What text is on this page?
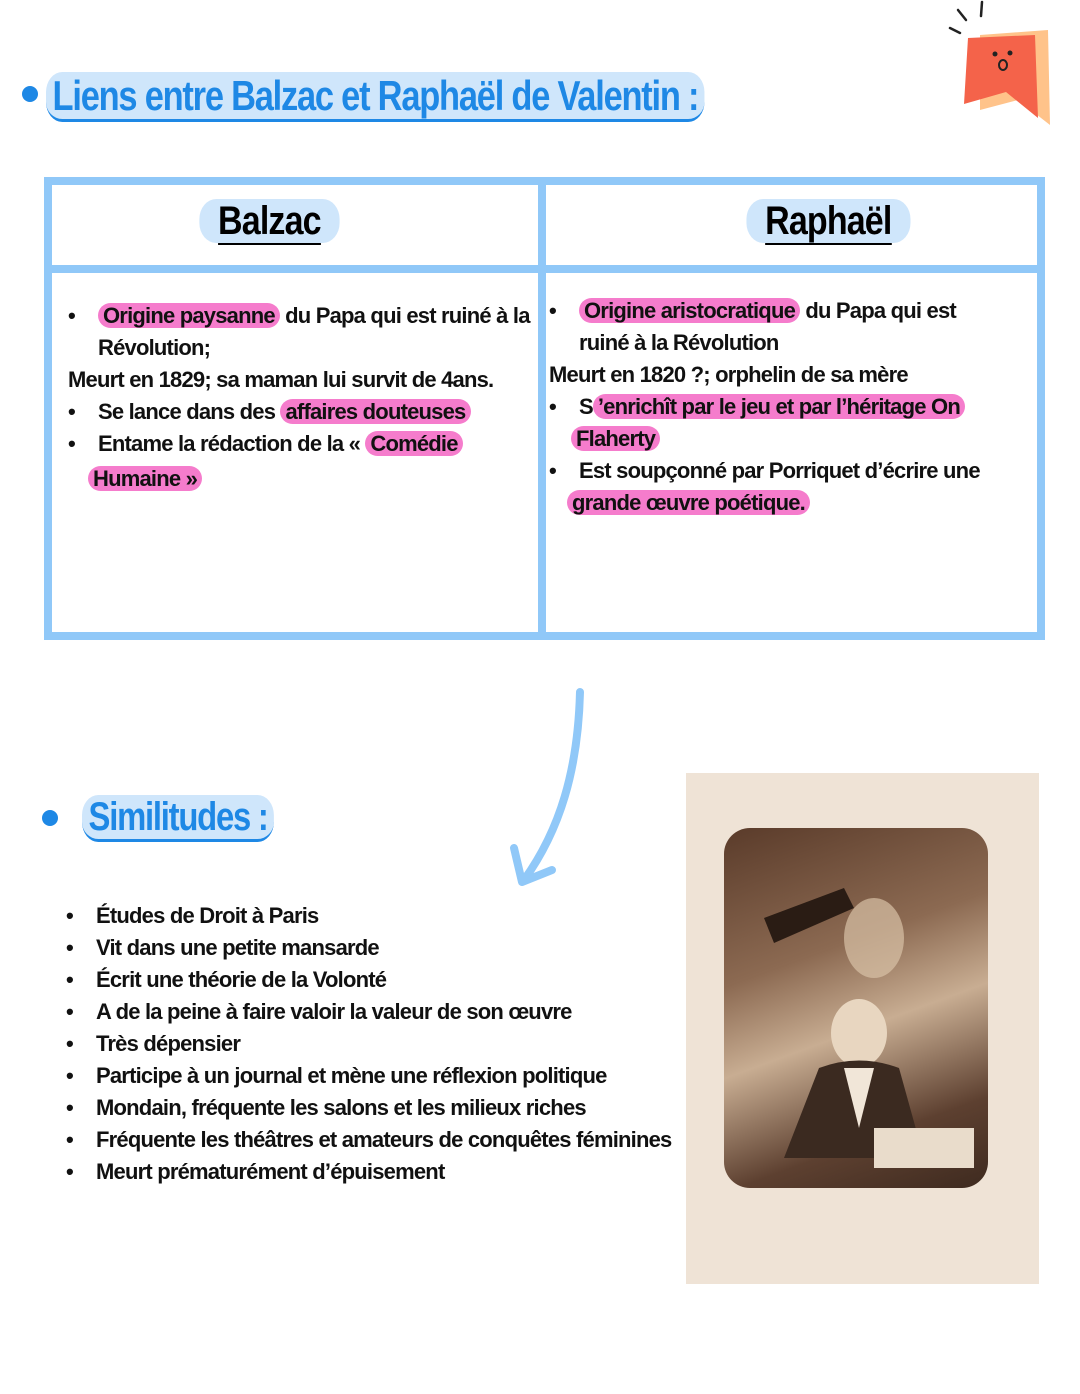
Liens entre Balzac et Raphaël de Valentin :
Balzac	Raphaël

• Origine paysanne du Papa qui est ruiné à la

Révolution;

Meurt en 1829; sa maman lui survit de 4ans.

• Se lance dans des affaires douteuses

• Entame la rédaction de la « Comédie

Humaine »

• Origine aristocratique du Papa qui est

ruiné à la Révolution

Meurt en 1820 ?; orphelin de sa mère

• S ’enrichît par le jeu et par l’héritage On

Flaherty

• Est soupçonné par Porriquet d’écrire une

grande œuvre poétique.

Similitudes :
• Études de Droit à Paris
• Vit dans une petite mansarde
• Écrit une théorie de la Volonté
• A de la peine à faire valoir la valeur de son œuvre
• Très dépensier
• Participe à un journal et mène une réflexion politique
• Mondain, fréquente les salons et les milieux riches
• Fréquente les théâtres et amateurs de conquêtes féminines
• Meurt prématurément d’épuisement
